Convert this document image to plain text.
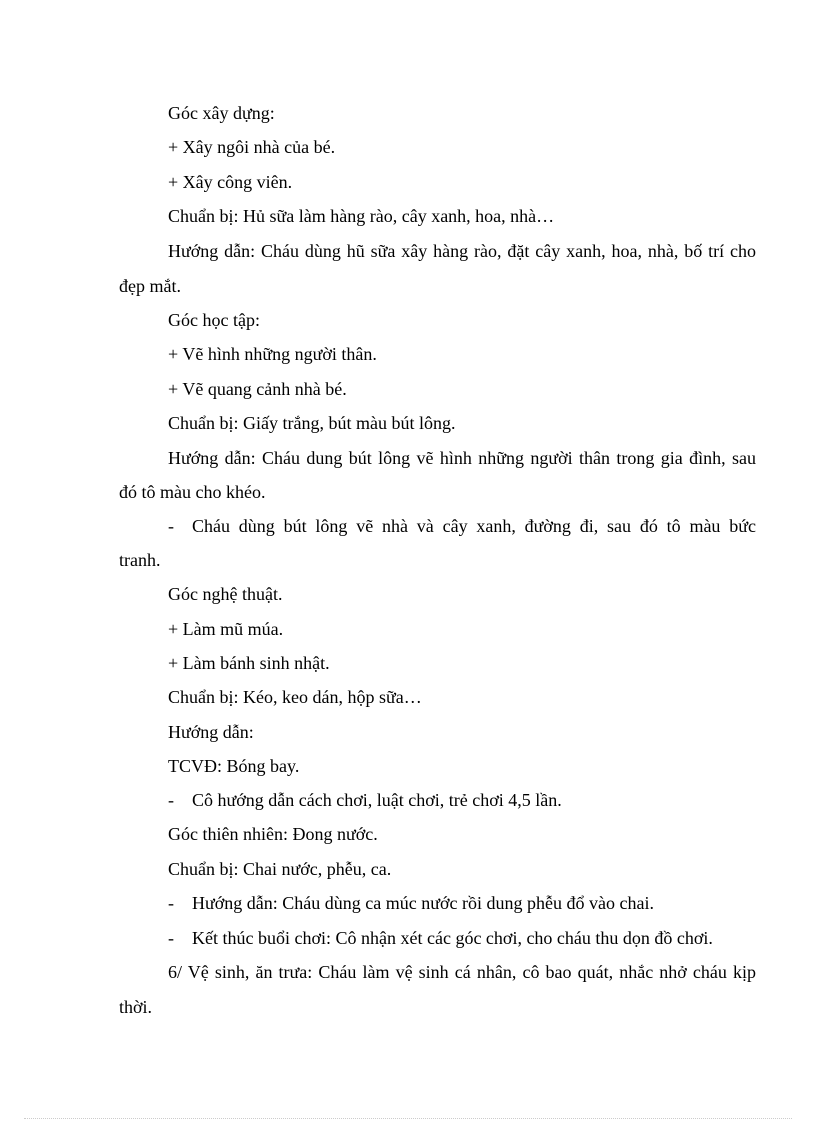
Góc xây dựng:
+ Xây ngôi nhà của bé.
+ Xây công viên.
Chuẩn bị: Hủ sữa làm hàng rào, cây xanh, hoa, nhà…
Hướng dẫn: Cháu dùng hũ sữa xây hàng rào, đặt cây xanh, hoa, nhà, bố trí cho
đẹp mắt.
Góc học tập:
+ Vẽ hình những người thân.
+ Vẽ quang cảnh nhà bé.
Chuẩn bị: Giấy trắng, bút màu bút lông.
Hướng dẫn: Cháu dung bút lông vẽ hình những người thân trong gia đình, sau
đó tô màu cho khéo.
- Cháu dùng bút lông vẽ nhà và cây xanh, đường đi, sau đó tô màu bức
tranh.
Góc nghệ thuật.
+ Làm mũ múa.
+ Làm bánh sinh nhật.
Chuẩn bị: Kéo, keo dán, hộp sữa…
Hướng dẫn:
TCVĐ: Bóng bay.
- Cô hướng dẫn cách chơi, luật chơi, trẻ chơi 4,5 lần.
Góc thiên nhiên: Đong nước.
Chuẩn bị: Chai nước, phễu, ca.
- Hướng dẫn: Cháu dùng ca múc nước rồi dung phễu đổ vào chai.
- Kết thúc buổi chơi: Cô nhận xét các góc chơi, cho cháu thu dọn đồ chơi.
6/ Vệ sinh, ăn trưa: Cháu làm vệ sinh cá nhân, cô bao quát, nhắc nhở cháu kịp
thời.
